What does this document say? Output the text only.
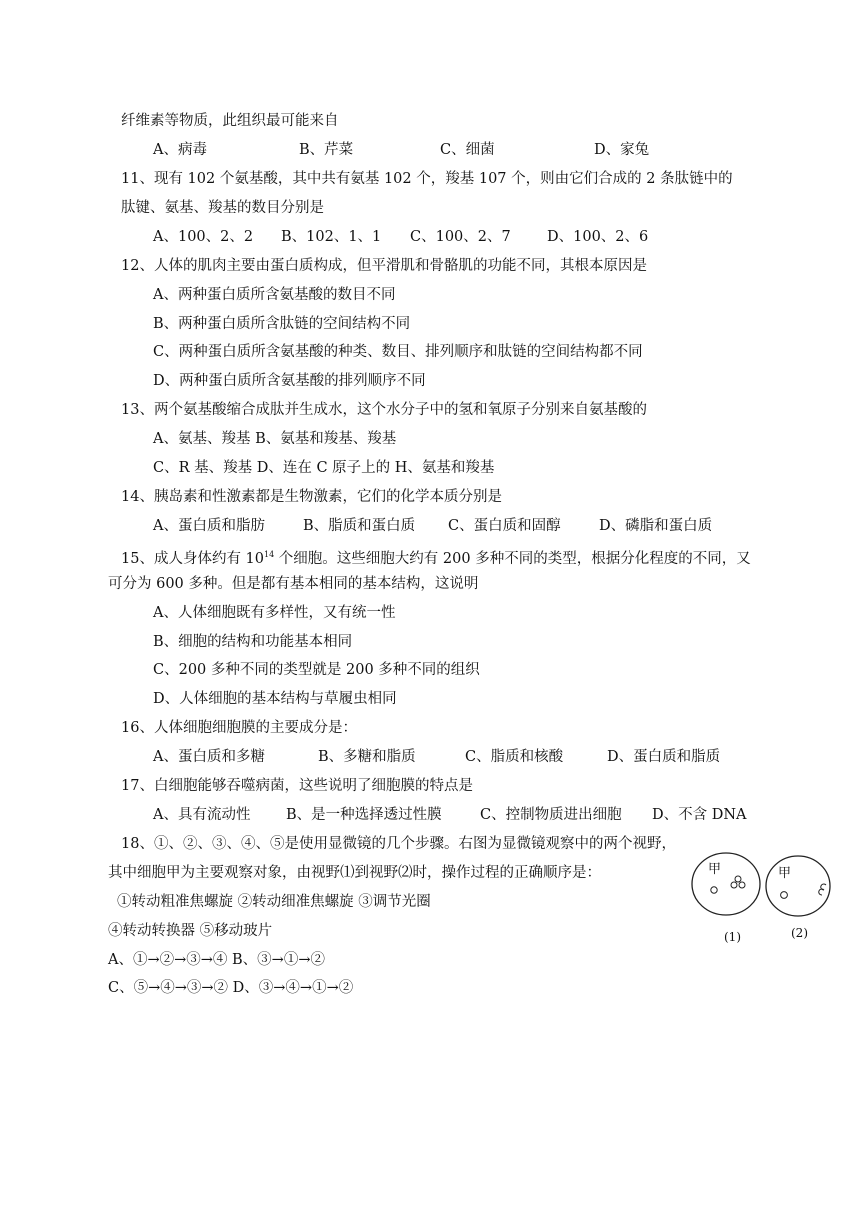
纤维素等物质，此组织最可能来自
A、病毒	B、芹菜	C、细菌	D、家兔
11、现有 102 个氨基酸，其中共有氨基 102 个，羧基 107 个，则由它们合成的 2 条肽链中的
肽键、氨基、羧基的数目分别是
A、100、2、2 B、102、1、1 C、100、2、7	D、100、2、6
12、人体的肌肉主要由蛋白质构成，但平滑肌和骨骼肌的功能不同，其根本原因是
A、两种蛋白质所含氨基酸的数目不同
B、两种蛋白质所含肽链的空间结构不同
C、两种蛋白质所含氨基酸的种类、数目、排列顺序和肽链的空间结构都不同
D、两种蛋白质所含氨基酸的排列顺序不同
13、两个氨基酸缩合成肽并生成水，这个水分子中的氢和氧原子分别来自氨基酸的
A、氨基、羧基 B、氨基和羧基、羧基
C、R 基、羧基 D、连在 C 原子上的 H、氨基和羧基
14、胰岛素和性激素都是生物激素，它们的化学本质分别是
A、蛋白质和脂肪	B、脂质和蛋白质 C、蛋白质和固醇	D、磷脂和蛋白质
15、成人身体约有 $10^{14}$ 个细胞。这些细胞大约有 200 多种不同的类型，根据分化程度的不同，又
可分为 600 多种。但是都有基本相同的基本结构，这说明
A、人体细胞既有多样性，又有统一性
B、细胞的结构和功能基本相同
C、200 多种不同的类型就是 200 多种不同的组织
D、人体细胞的基本结构与草履虫相同
16、人体细胞细胞膜的主要成分是：
A、蛋白质和多糖	B、多糖和脂质	C、脂质和核酸	D、蛋白质和脂质
17、白细胞能够吞噬病菌，这些说明了细胞膜的特点是
A、具有流动性 B、是一种选择透过性膜	C、控制物质进出细胞 D、不含 DNA
18、①、②、③、④、⑤是使用显微镜的几个步骤。右图为显微镜观察中的两个视野，
其中细胞甲为主要观察对象，由视野⑴到视野⑵时，操作过程的正确顺序是：
①转动粗准焦螺旋 ②转动细准焦螺旋 ③调节光圈
④转动转换器 ⑤移动玻片
A、①→②→③→④ B、③→①→②
C、⑤→④→③→② D、③→④→①→②
甲	甲
(1)	(2)
